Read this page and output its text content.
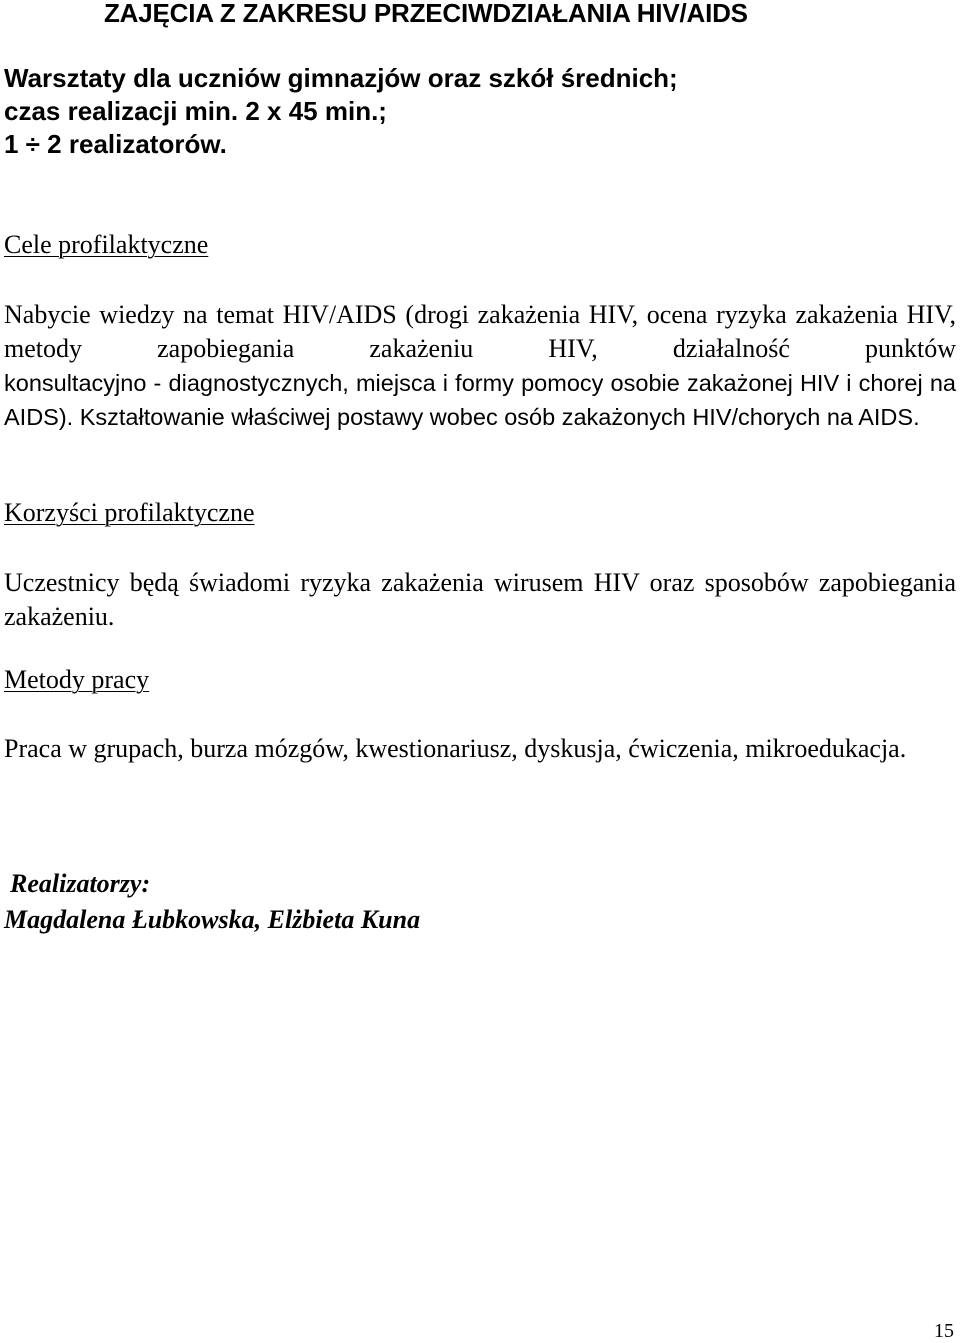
ZAJĘCIA Z ZAKRESU PRZECIWDZIAŁANIA HIV/AIDS
Warsztaty dla uczniów gimnazjów oraz szkół średnich;
czas realizacji min. 2 x 45 min.;
1 ÷ 2 realizatorów.
Cele profilaktyczne
Nabycie wiedzy na temat HIV/AIDS (drogi zakażenia HIV, ocena ryzyka zakażenia HIV, metody zapobiegania zakażeniu HIV, działalność punktów
konsultacyjno - diagnostycznych, miejsca i formy pomocy osobie zakażonej HIV i chorej na AIDS). Kształtowanie właściwej postawy wobec osób zakażonych HIV/chorych na AIDS.
Korzyści profilaktyczne
Uczestnicy będą świadomi ryzyka zakażenia wirusem HIV oraz sposobów zapobiegania zakażeniu.
Metody pracy
Praca w grupach, burza mózgów, kwestionariusz, dyskusja, ćwiczenia, mikroedukacja.
Realizatorzy:
Magdalena Łubkowska, Elżbieta Kuna
15
